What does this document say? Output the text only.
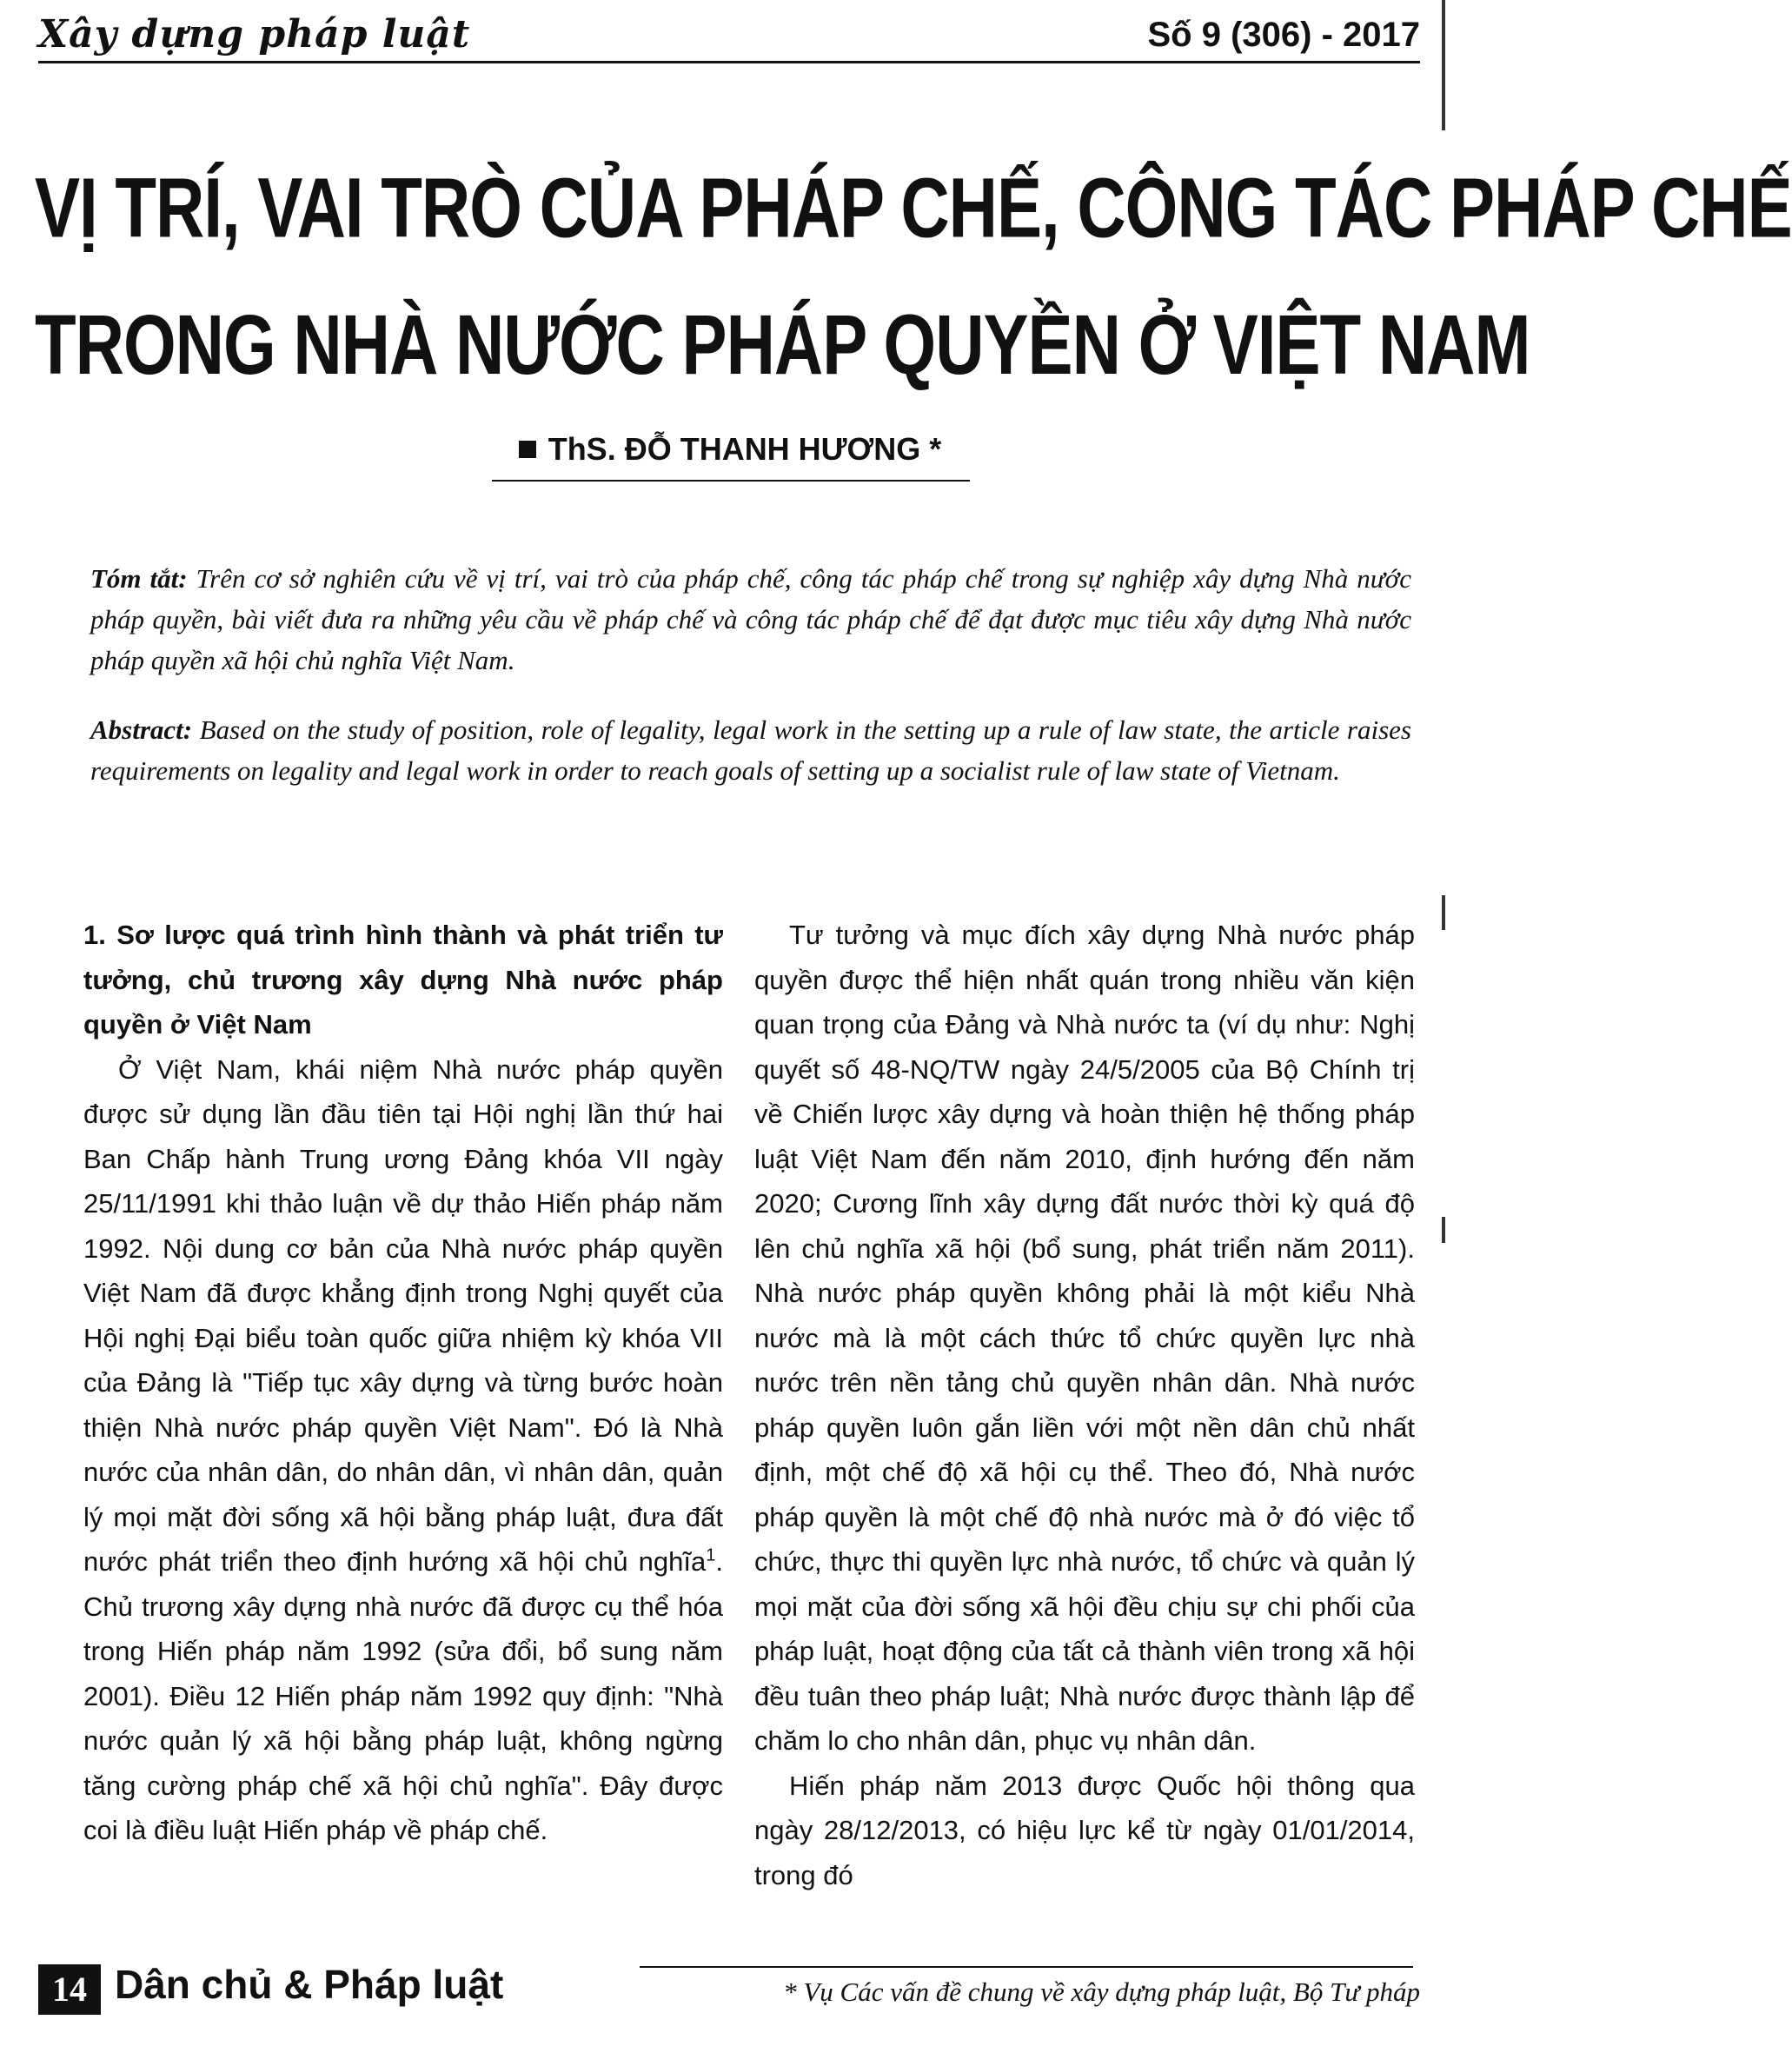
Xây dựng pháp luật	Số 9 (306) - 2017
VỊ TRÍ, VAI TRÒ CỦA PHÁP CHẾ, CÔNG TÁC PHÁP CHẾ
TRONG NHÀ NƯỚC PHÁP QUYỀN Ở VIỆT NAM
ThS. ĐỖ THANH HƯƠNG *
Tóm tắt: Trên cơ sở nghiên cứu về vị trí, vai trò của pháp chế, công tác pháp chế trong sự nghiệp xây dựng Nhà nước pháp quyền, bài viết đưa ra những yêu cầu về pháp chế và công tác pháp chế để đạt được mục tiêu xây dựng Nhà nước pháp quyền xã hội chủ nghĩa Việt Nam.
Abstract: Based on the study of position, role of legality, legal work in the setting up a rule of law state, the article raises requirements on legality and legal work in order to reach goals of setting up a socialist rule of law state of Vietnam.

1. Sơ lược quá trình hình thành và phát triển tư tưởng, chủ trương xây dựng Nhà nước pháp quyền ở Việt Nam

Ở Việt Nam, khái niệm Nhà nước pháp quyền được sử dụng lần đầu tiên tại Hội nghị lần thứ hai Ban Chấp hành Trung ương Đảng khóa VII ngày 25/11/1991 khi thảo luận về dự thảo Hiến pháp năm 1992. Nội dung cơ bản của Nhà nước pháp quyền Việt Nam đã được khẳng định trong Nghị quyết của Hội nghị Đại biểu toàn quốc giữa nhiệm kỳ khóa VII của Đảng là "Tiếp tục xây dựng và từng bước hoàn thiện Nhà nước pháp quyền Việt Nam". Đó là Nhà nước của nhân dân, do nhân dân, vì nhân dân, quản lý mọi mặt đời sống xã hội bằng pháp luật, đưa đất nước phát triển theo định hướng xã hội chủ nghĩa$^1$. Chủ trương xây dựng nhà nước đã được cụ thể hóa trong Hiến pháp năm 1992 (sửa đổi, bổ sung năm 2001). Điều 12 Hiến pháp năm 1992 quy định: "Nhà nước quản lý xã hội bằng pháp luật, không ngừng tăng cường pháp chế xã hội chủ nghĩa". Đây được coi là điều luật Hiến pháp về pháp chế.

Tư tưởng và mục đích xây dựng Nhà nước pháp quyền được thể hiện nhất quán trong nhiều văn kiện quan trọng của Đảng và Nhà nước ta (ví dụ như: Nghị quyết số 48-NQ/TW ngày 24/5/2005 của Bộ Chính trị về Chiến lược xây dựng và hoàn thiện hệ thống pháp luật Việt Nam đến năm 2010, định hướng đến năm 2020; Cương lĩnh xây dựng đất nước thời kỳ quá độ lên chủ nghĩa xã hội (bổ sung, phát triển năm 2011). Nhà nước pháp quyền không phải là một kiểu Nhà nước mà là một cách thức tổ chức quyền lực nhà nước trên nền tảng chủ quyền nhân dân. Nhà nước pháp quyền luôn gắn liền với một nền dân chủ nhất định, một chế độ xã hội cụ thể. Theo đó, Nhà nước pháp quyền là một chế độ nhà nước mà ở đó việc tổ chức, thực thi quyền lực nhà nước, tổ chức và quản lý mọi mặt của đời sống xã hội đều chịu sự chi phối của pháp luật, hoạt động của tất cả thành viên trong xã hội đều tuân theo pháp luật; Nhà nước được thành lập để chăm lo cho nhân dân, phục vụ nhân dân.

Hiến pháp năm 2013 được Quốc hội thông qua ngày 28/12/2013, có hiệu lực kể từ ngày 01/01/2014, trong đó

14 Dân chủ & Pháp luật	* Vụ Các vấn đề chung về xây dựng pháp luật, Bộ Tư pháp
